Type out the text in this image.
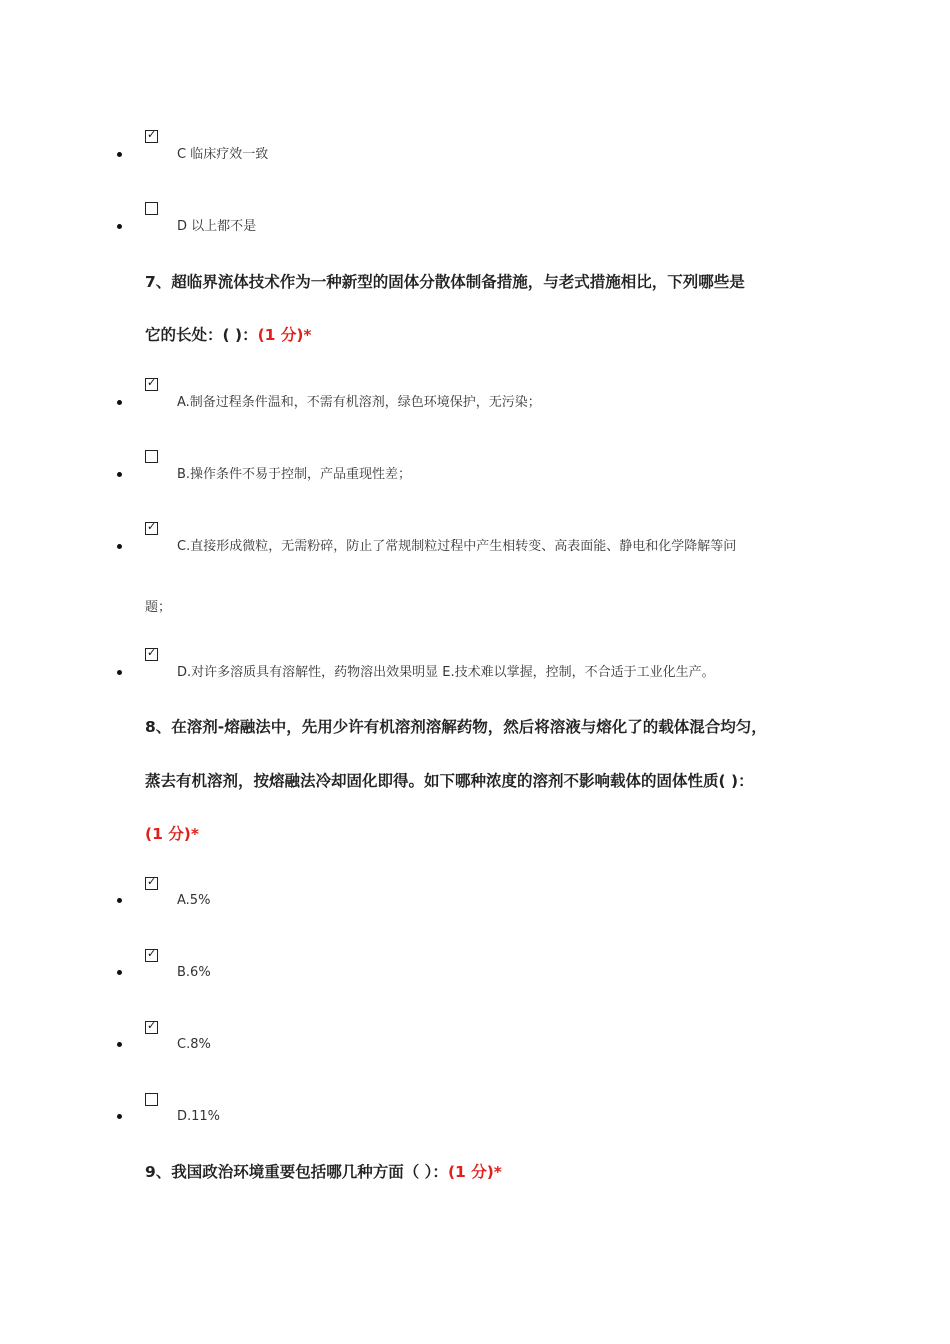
✓
C 临床疗效一致
D 以上都不是
7、超临界流体技术作为一种新型的固体分散体制备措施，与老式措施相比，下列哪些是
它的长处：( )：(1 分)*
✓
A.制备过程条件温和，不需有机溶剂，绿色环境保护，无污染；
B.操作条件不易于控制，产品重现性差；
✓
C.直接形成微粒，无需粉碎，防止了常规制粒过程中产生相转变、高表面能、静电和化学降解等问
题；
✓
D.对许多溶质具有溶解性，药物溶出效果明显 E.技术难以掌握，控制，不合适于工业化生产。
8、在溶剂-熔融法中，先用少许有机溶剂溶解药物，然后将溶液与熔化了的载体混合均匀，
蒸去有机溶剂，按熔融法冷却固化即得。如下哪种浓度的溶剂不影响载体的固体性质( )：
(1 分)*
✓
A.5%
✓
B.6%
✓
C.8%
D.11%
9、我国政治环境重要包括哪几种方面（ ）：(1 分)*
